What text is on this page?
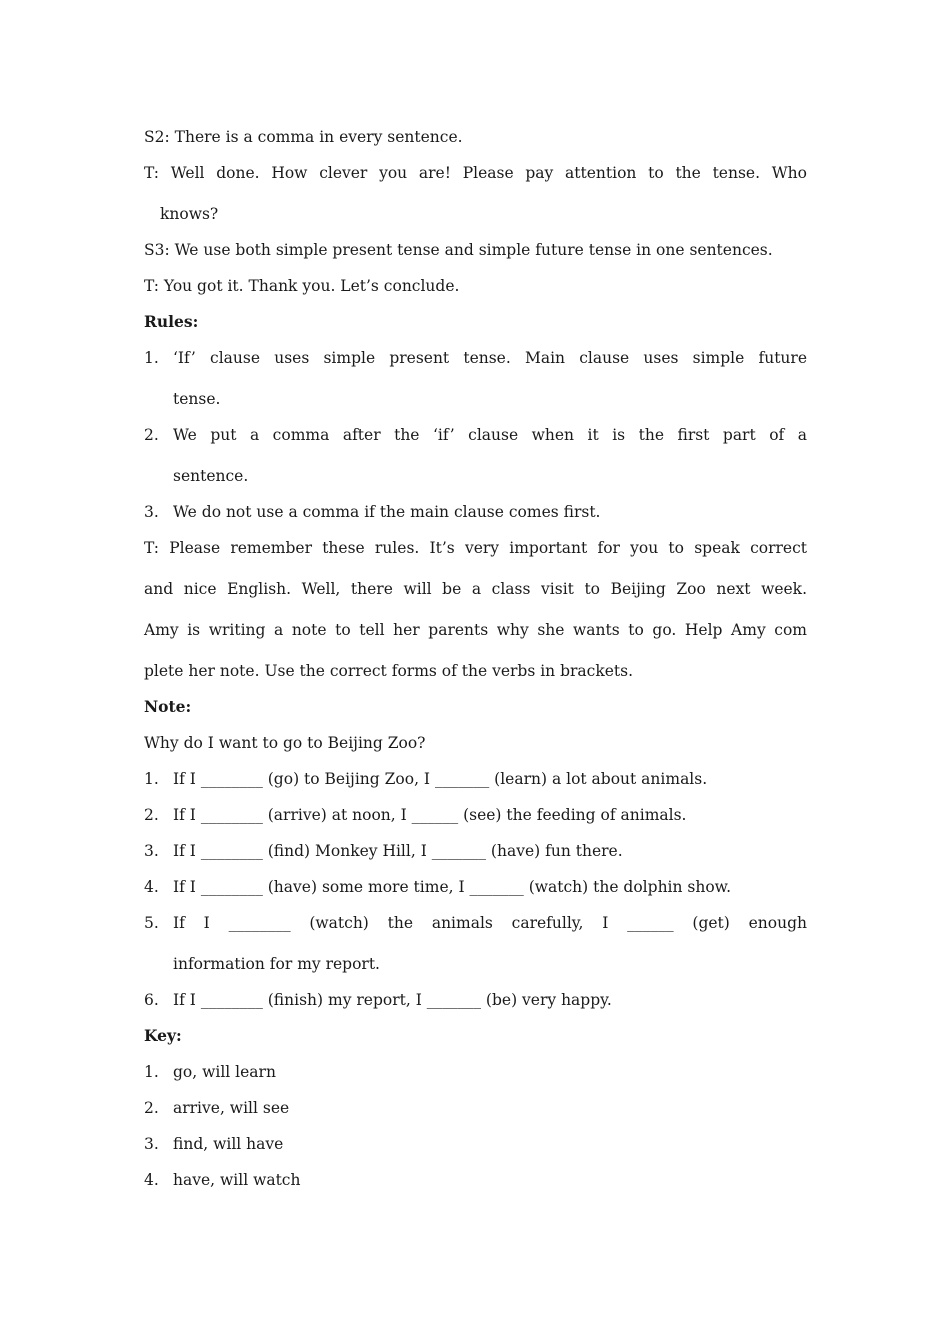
S2: There is a comma in every sentence.
T: Well done. How clever you are! Please pay attention to the tense. Who
knows?
S3: We use both simple present tense and simple future tense in one sentences.
T: You got it. Thank you. Let’s conclude.
Rules:
1. ‘If’ clause uses simple present tense. Main clause uses simple future
tense.
2. We put a comma after the ‘if’ clause when it is the first part of a
sentence.
3. We do not use a comma if the main clause comes first.
T: Please remember these rules. It’s very important for you to speak correct
and nice English. Well, there will be a class visit to Beijing Zoo next week.
Amy is writing a note to tell her parents why she wants to go. Help Amy com
plete her note. Use the correct forms of the verbs in brackets.
Note:
Why do I want to go to Beijing Zoo?
1. If I ________ (go) to Beijing Zoo, I _______ (learn) a lot about animals.
2. If I ________ (arrive) at noon, I ______ (see) the feeding of animals.
3. If I ________ (find) Monkey Hill, I _______ (have) fun there.
4. If I ________ (have) some more time, I _______ (watch) the dolphin show.
5. If I ________ (watch) the animals carefully, I ______ (get) enough
information for my report.
6. If I ________ (finish) my report, I _______ (be) very happy.
Key:
1. go, will learn
2. arrive, will see
3. find, will have
4. have, will watch
